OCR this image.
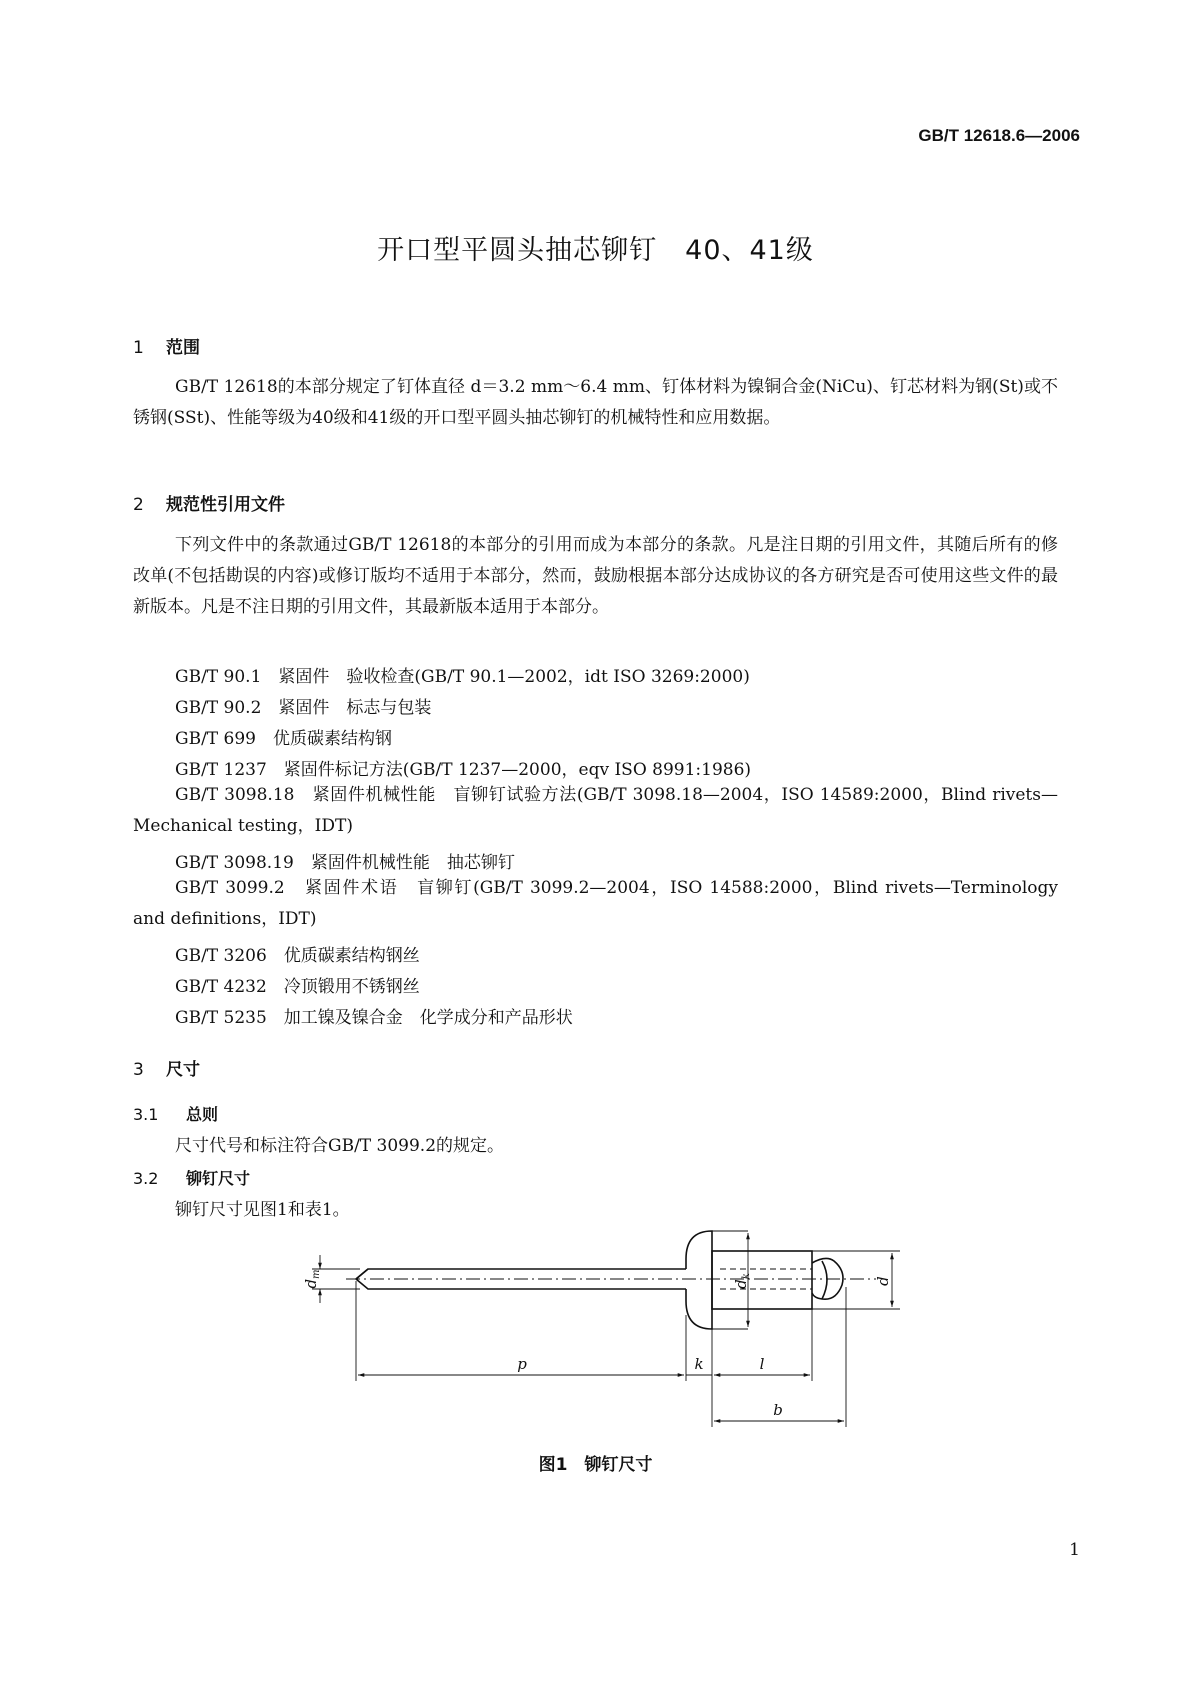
GB/T 12618.6—2006
开口型平圆头抽芯铆钉　40、41级
1 范围
GB/T 12618的本部分规定了钉体直径 d＝3.2 mm～6.4 mm、钉体材料为镍铜合金(NiCu)、钉芯材料为钢(St)或不锈钢(SSt)、性能等级为40级和41级的开口型平圆头抽芯铆钉的机械特性和应用数据。
2 规范性引用文件
下列文件中的条款通过GB/T 12618的本部分的引用而成为本部分的条款。凡是注日期的引用文件，其随后所有的修改单(不包括勘误的内容)或修订版均不适用于本部分，然而，鼓励根据本部分达成协议的各方研究是否可使用这些文件的最新版本。凡是不注日期的引用文件，其最新版本适用于本部分。
GB/T 90.1　紧固件　验收检查(GB/T 90.1—2002，idt ISO 3269:2000)
GB/T 90.2　紧固件　标志与包装
GB/T 699　优质碳素结构钢
GB/T 1237　紧固件标记方法(GB/T 1237—2000，eqv ISO 8991:1986)
GB/T 3098.18　紧固件机械性能　盲铆钉试验方法(GB/T 3098.18—2004，ISO 14589:2000，Blind rivets—Mechanical testing，IDT)
GB/T 3098.19　紧固件机械性能　抽芯铆钉
GB/T 3099.2　紧固件术语　盲铆钉(GB/T 3099.2—2004，ISO 14588:2000，Blind rivets—Terminology and definitions，IDT)
GB/T 3206　优质碳素结构钢丝
GB/T 4232　冷顶锻用不锈钢丝
GB/T 5235　加工镍及镍合金　化学成分和产品形状
3 尺寸
3.1 总则
尺寸代号和标注符合GB/T 3099.2的规定。
3.2 铆钉尺寸
铆钉尺寸见图1和表1。
$d_m$
$d_k$	d
p	k	l
b
图1　铆钉尺寸
1
